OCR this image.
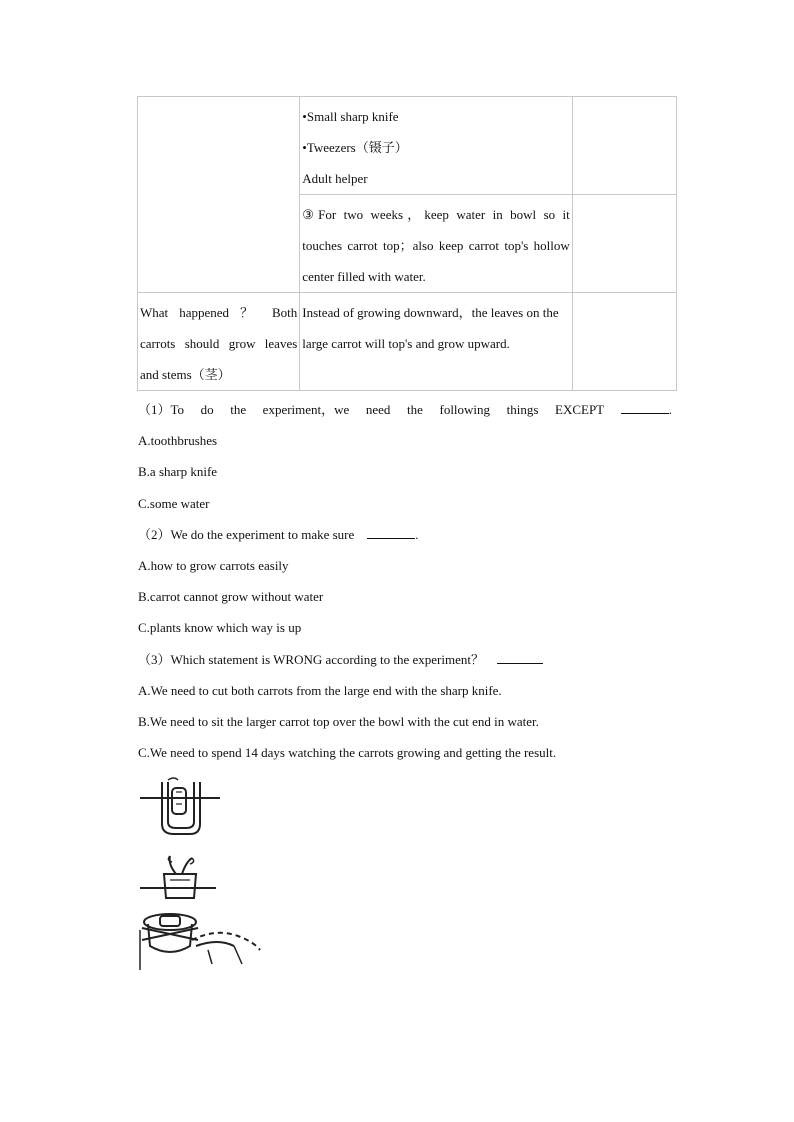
	•Small sharp knife
•Tweezers（镊子）
Adult helper	

	③For two weeks，keep water in bowl so it
touches carrot top；also keep carrot top's hollow
center filled with water.	

What happened ？ Both
carrots should grow leaves
and stems（茎）	Instead of growing downward，the leaves on the
large carrot will top's and grow upward.	

（1）To do the experiment，we need the following things EXCEPT	.
A.toothbrushes
B.a sharp knife
C.some water
（2）We do the experiment to make sure	.
A.how to grow carrots easily
B.carrot cannot grow without water
C.plants know which way is up
（3）Which statement is WRONG according to the experiment？
A.We need to cut both carrots from the large end with the sharp knife.
B.We need to sit the larger carrot top over the bowl with the cut end in water.
C.We need to spend 14 days watching the carrots growing and getting the result.
